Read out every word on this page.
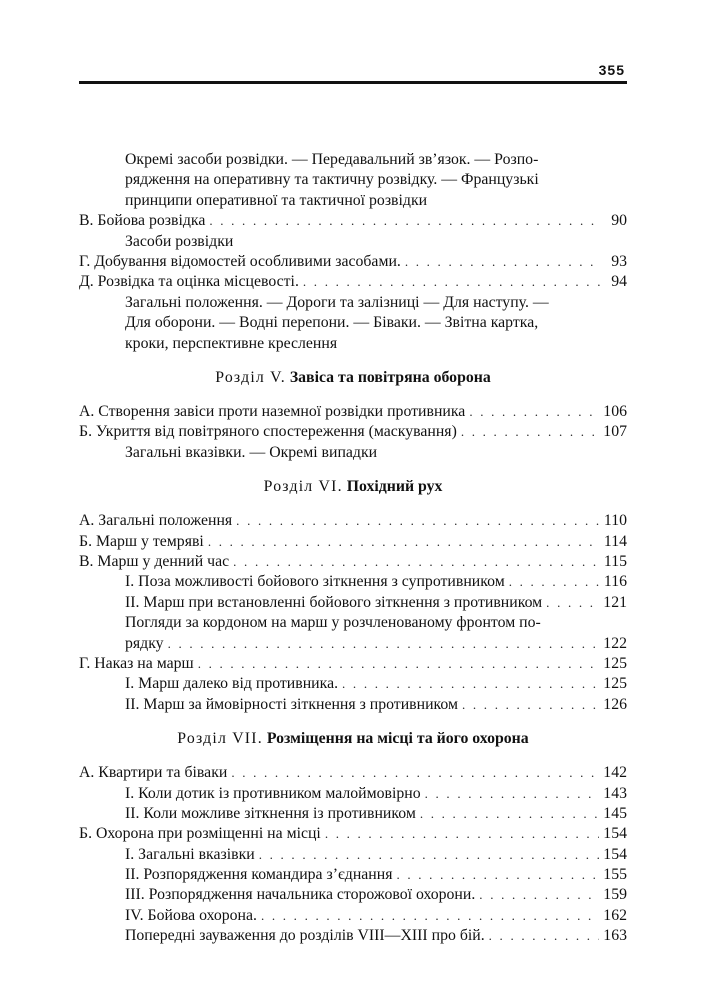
355
Окремі засоби розвідки. — Передавальний зв’язок. — Розпо-
рядження на оперативну та тактичну розвідку. — Французькі
принципи оперативної та тактичної розвідки
В. Бойова розвідка . . .	90
Засоби розвідки
Г. Добування відомостей особливими засобами. . . .	93
Д. Розвідка та оцінка місцевості. . . .	94
Загальні положення. — Дороги та залізниці — Для наступу. —
Для оборони. — Водні перепони. — Біваки. — Звітна картка,
кроки, перспективне креслення
Розділ V. Завіса та повітряна оборона
А. Створення завіси проти наземної розвідки противника . . .	106
Б. Укриття від повітряного спостереження (маскування) . . .	107
Загальні вказівки. — Окремі випадки
Розділ VI. Похідний рух
А. Загальні положення . . .	110
Б. Марш у темряві . . .	114
В. Марш у денний час . . .	115
І. Поза можливості бойового зіткнення з супротивником . . .	116
ІІ. Марш при встановленні бойового зіткнення з противником . . .	121
Погляди за кордоном на марш у розчленованому фронтом по-
рядку . . .	122
Г. Наказ на марш . . .	125
І. Марш далеко від противника. . . .	125
ІІ. Марш за ймовірності зіткнення з противником . . .	126
Розділ VII. Розміщення на місці та його охорона
А. Квартири та біваки . . .	142
І. Коли дотик із противником малоймовірно . . .	143
ІІ. Коли можливе зіткнення із противником . . .	145
Б. Охорона при розміщенні на місці . . .	154
І. Загальні вказівки . . .	154
ІІ. Розпорядження командира з’єднання . . .	155
ІІІ. Розпорядження начальника сторожової охорони. . . .	159
IV. Бойова охорона. . . .	162
Попередні зауваження до розділів VIII—XIII про бій. . . .	163
